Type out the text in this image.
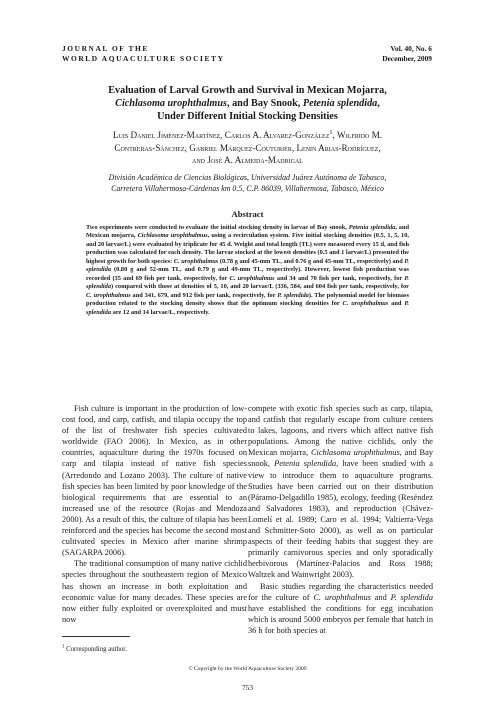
JOURNAL OF THE
WORLD AQUACULTURE SOCIETY
Vol. 40, No. 6
December, 2009
Evaluation of Larval Growth and Survival in Mexican Mojarra,
Cichlasoma urophthalmus, and Bay Snook, Petenia splendida,
Under Different Initial Stocking Densities
Luis Daniel Jiménez-Martínez, Carlos A. Alvarez-González$^1$, Wilfrido M.
Contreras-Sánchez, Gabriel Márquez-Couturier, Lenin Arias-Rodríguez,
and José A. Almeida-Madrigal
División Académica de Ciencias Biológicas, Universidad Juárez Autónoma de Tabasco,
Carretera Villahermosa-Cárdenas km 0.5, C.P. 86039, Villahermosa, Tabasco, México
Abstract
Two experiments were conducted to evaluate the initial stocking density in larvae of Bay snook, Petenia splendida, and Mexican mojarra, Cichlasoma urophthalmus, using a recirculation system. Five initial stocking densities (0.5, 1, 5, 10, and 20 larvae/L) were evaluated by triplicate for 45 d. Weight and total length (TL) were measured every 15 d, and fish production was calculated for each density. The larvae stocked at the lowest densities (0.5 and 1 larvae/L) presented the highest growth for both species: C. urophthalmus (0.78 g and 45-mm TL, and 0.76 g and 45-mm TL, respectively) and P. splendida (0.80 g and 52-mm TL, and 0.79 g and 49-mm TL, respectively). However, lowest fish production was recorded (35 and 69 fish per tank, respectively, for C. urophthalmus and 34 and 70 fish per tank, respectively, for P. splendida) compared with those at densities of 5, 10, and 20 larvae/L (336, 584, and 604 fish per tank, respectively, for C. urophthalmus and 341, 679, and 912 fish per tank, respectively, for P. splendida). The polynomial model for biomass production related to the stocking density shows that the optimum stocking densities for C. urophthalmus and P. splendida are 12 and 14 larvae/L, respectively.

Fish culture is important in the production of low-cost food, and carp, catfish, and tilapia occupy the top of the list of freshwater fish species cultivated worldwide (FAO 2006). In Mexico, as in other countries, aquaculture during the 1970s focused on carp and tilapia instead of native fish species (Arredondo and Lozano 2003). The culture of native fish species has been limited by poor knowledge of the biological requirements that are essential to an increased use of the resource (Rojas and Mendoza 2000). As a result of this, the culture of tilapia has been reinforced and the species has become the second most cultivated species in Mexico after marine shrimp (SAGARPA 2006).

The traditional consumption of many native cichlid species throughout the southeastern region of Mexico has shown an increase in both exploitation and economic value for many decades. These species are now either fully exploited or overexploited and must now

compete with exotic fish species such as carp, tilapia, and catfish that regularly escape from culture centers to lakes, lagoons, and rivers which affect native fish populations. Among the native cichlids, only the Mexican mojarra, Cichlasoma urophthalmus, and Bay snook, Petenia splendida, have been studied with a view to introduce them to aquaculture programs. Studies have been carried out on their distribution (Páramo-Delgadillo 1985), ecology, feeding (Reséndez and Salvadores 1983), and reproduction (Chávez-Lomelí et al. 1989; Caro et al. 1994; Valtierra-Vega and Schmitter-Soto 2000), as well as on particular aspects of their feeding habits that suggest they are primarily carnivorous species and only sporadically herbivorous (Martínez-Palacios and Ross 1988; Waltzek and Wainwright 2003).

Basic studies regarding the characteristics needed for the culture of C. urophthalmus and P. splendida have established the conditions for egg incubation which is around 5000 embryos per female that hatch in 36 h for both species at

$^1$ Corresponding author.
© Copyright by the World Aquaculture Society 2009
753
